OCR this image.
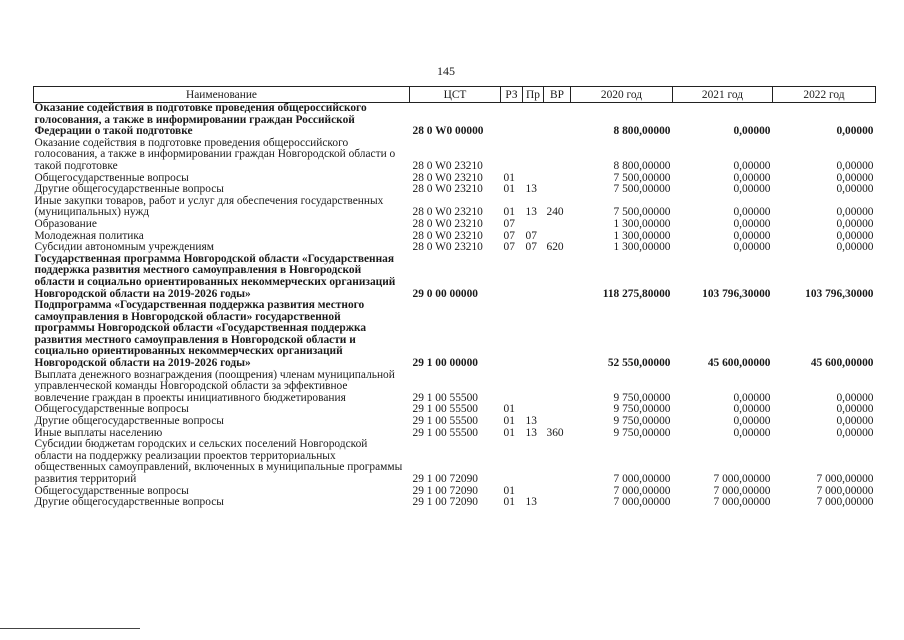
145
Наименование	ЦСТ	РЗ	Пр	ВР	2020 год	2021 год	2022 год
Оказание содействия в подготовке проведения общероссийского голосования, а также в информировании граждан Российской Федерации о такой подготовке	28 0 W0 00000				8 800,00000	0,00000	0,00000
Оказание содействия в подготовке проведения общероссийского голосования, а также в информировании граждан Новгородской области о такой подготовке	28 0 W0 23210				8 800,00000	0,00000	0,00000
Общегосударственные вопросы	28 0 W0 23210	01			7 500,00000	0,00000	0,00000
Другие общегосударственные вопросы	28 0 W0 23210	01	13		7 500,00000	0,00000	0,00000
Иные закупки товаров, работ и услуг для обеспечения государственных (муниципальных) нужд	28 0 W0 23210	01	13	240	7 500,00000	0,00000	0,00000
Образование	28 0 W0 23210	07			1 300,00000	0,00000	0,00000
Молодежная политика	28 0 W0 23210	07	07		1 300,00000	0,00000	0,00000
Субсидии автономным учреждениям	28 0 W0 23210	07	07	620	1 300,00000	0,00000	0,00000
Государственная программа Новгородской области «Государственная поддержка развития местного самоуправления в Новгородской области и социально ориентированных некоммерческих организаций Новгородской области на 2019-2026 годы»	29 0 00 00000				118 275,80000	103 796,30000	103 796,30000
Подпрограмма «Государственная поддержка развития местного самоуправления в Новгородской области» государственной программы Новгородской области «Государственная поддержка развития местного самоуправления в Новгородской области и социально ориентированных некоммерческих организаций Новгородской области на 2019-2026 годы»	29 1 00 00000				52 550,00000	45 600,00000	45 600,00000
Выплата денежного вознаграждения (поощрения) членам муниципальной управленческой команды Новгородской области за эффективное вовлечение граждан в проекты инициативного бюджетирования	29 1 00 55500				9 750,00000	0,00000	0,00000
Общегосударственные вопросы	29 1 00 55500	01			9 750,00000	0,00000	0,00000
Другие общегосударственные вопросы	29 1 00 55500	01	13		9 750,00000	0,00000	0,00000
Иные выплаты населению	29 1 00 55500	01	13	360	9 750,00000	0,00000	0,00000
Субсидии бюджетам городских и сельских поселений Новгородской области на поддержку реализации проектов территориальных общественных самоуправлений, включенных в муниципальные программы развития территорий	29 1 00 72090				7 000,00000	7 000,00000	7 000,00000
Общегосударственные вопросы	29 1 00 72090	01			7 000,00000	7 000,00000	7 000,00000
Другие общегосударственные вопросы	29 1 00 72090	01	13		7 000,00000	7 000,00000	7 000,00000
